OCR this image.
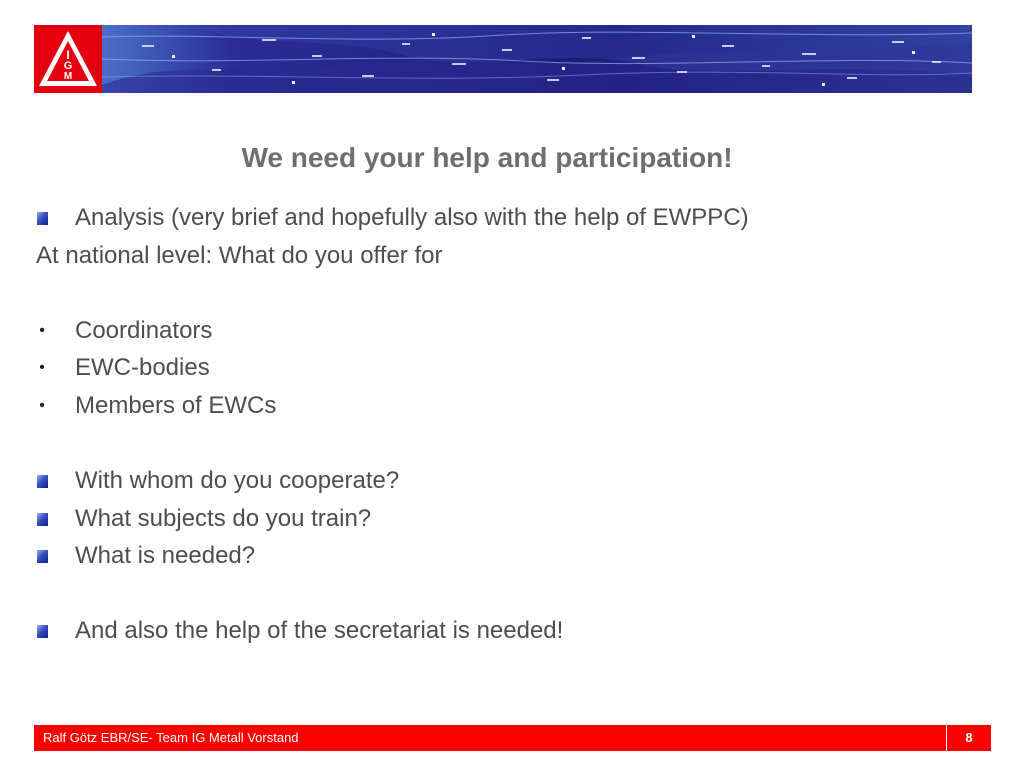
I
G
M
We need your help and participation!
Analysis (very brief and hopefully also with the help of EWPPC)
At national level: What do you offer for
• Coordinators
• EWC-bodies
• Members of EWCs
With whom do you cooperate?
What subjects do you train?
What is needed?
And also the help of the secretariat is needed!
Ralf Götz EBR/SE- Team IG Metall Vorstand	8
